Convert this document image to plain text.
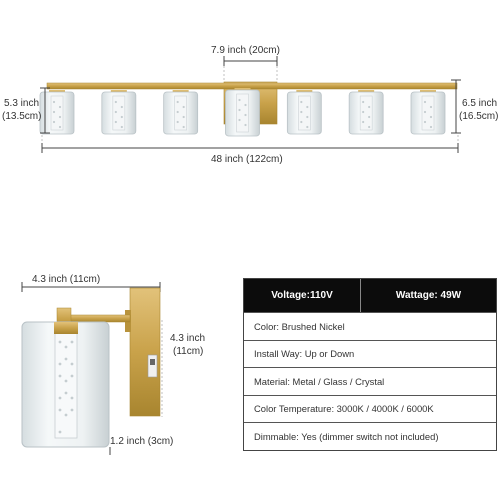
7.9 inch (20cm)
5.3 inch
(13.5cm)
6.5 inch
(16.5cm)
48 inch (122cm)
4.3 inch (11cm)
4.3 inch
(11cm)
1.2 inch (3cm)
Voltage:110V	Wattage: 49W
Color: Brushed Nickel
Install Way: Up or Down
Material: Metal / Glass / Crystal
Color Temperature: 3000K / 4000K / 6000K
Dimmable: Yes (dimmer switch not included)
